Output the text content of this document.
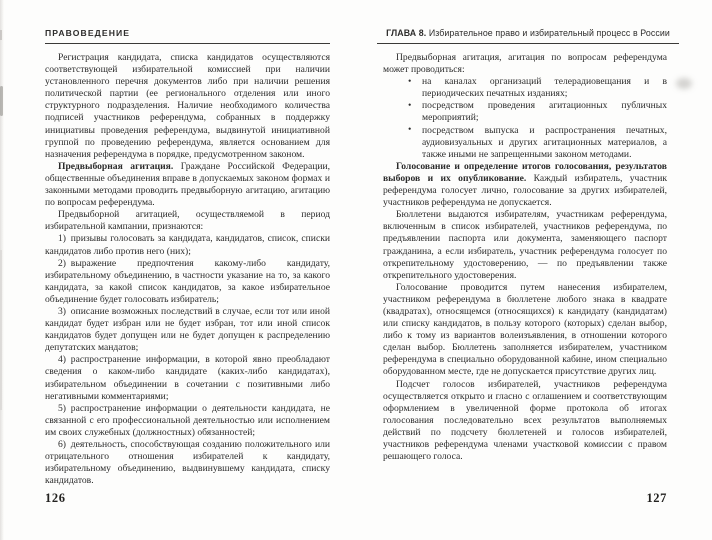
ПРАВОВЕДЕНИЕ

Регистрация кандидата, списка кандидатов осуществляются соответствующей избирательной комиссией при наличии установленного перечня документов либо при наличии решения политической партии (ее регионального отделения или иного структурного подразделения. Наличие необходимого количества подписей участников референдума, собранных в поддержку инициативы проведения референдума, выдвинутой инициативной группой по проведению референдума, является основанием для назначения референдума в порядке, предусмотренном законом.

Предвыборная агитация. Граждане Российской Федерации, общественные объединения вправе в допускаемых законом формах и законными методами проводить предвыборную агитацию, агитацию по вопросам референдума.

Предвыборной агитацией, осуществляемой в период избирательной кампании, признаются:

1) призывы голосовать за кандидата, кандидатов, список, списки кандидатов либо против него (них);

2) выражение предпочтения какому-либо кандидату, избирательному объединению, в частности указание на то, за какого кандидата, за какой список кандидатов, за какое избирательное объединение будет голосовать избиратель;

3) описание возможных последствий в случае, если тот или иной кандидат будет избран или не будет избран, тот или иной список кандидатов будет допущен или не будет допущен к распределению депутатских мандатов;

4) распространение информации, в которой явно преобладают сведения о каком-либо кандидате (каких-либо кандидатах), избирательном объединении в сочетании с позитивными либо негативными комментариями;

5) распространение информации о деятельности кандидата, не связанной с его профессиональной деятельностью или исполнением им своих служебных (должностных) обязанностей;

6) деятельность, способствующая созданию положительного или отрицательного отношения избирателей к кандидату, избирательному объединению, выдвинувшему кандидата, списку кандидатов.

126
ГЛАВА 8. Избирательное право и избирательный процесс в России

Предвыборная агитация, агитация по вопросам референдума может проводиться:

• на каналах организаций телерадиовещания и в периодических печатных изданиях;

• посредством проведения агитационных публичных мероприятий;

• посредством выпуска и распространения печатных, аудиовизуальных и других агитационных материалов, а также иными не запрещенными законом методами.

Голосование и определение итогов голосования, результатов выборов и их опубликование. Каждый избиратель, участник референдума голосует лично, голосование за других избирателей, участников референдума не допускается.

Бюллетени выдаются избирателям, участникам референдума, включенным в список избирателей, участников референдума, по предъявлении паспорта или документа, заменяющего паспорт гражданина, а если избиратель, участник референдума голосует по открепительному удостоверению, — по предъявлении также открепительного удостоверения.

Голосование проводится путем нанесения избирателем, участником референдума в бюллетене любого знака в квадрате (квадратах), относящемся (относящихся) к кандидату (кандидатам) или списку кандидатов, в пользу которого (которых) сделан выбор, либо к тому из вариантов волеизъявления, в отношении которого сделан выбор. Бюллетень заполняется избирателем, участником референдума в специально оборудованной кабине, ином специально оборудованном месте, где не допускается присутствие других лиц.

Подсчет голосов избирателей, участников референдума осуществляется открыто и гласно с оглашением и соответствующим оформлением в увеличенной форме протокола об итогах голосования последовательно всех результатов выполняемых действий по подсчету бюллетеней и голосов избирателей, участников референдума членами участковой комиссии с правом решающего голоса.

127
